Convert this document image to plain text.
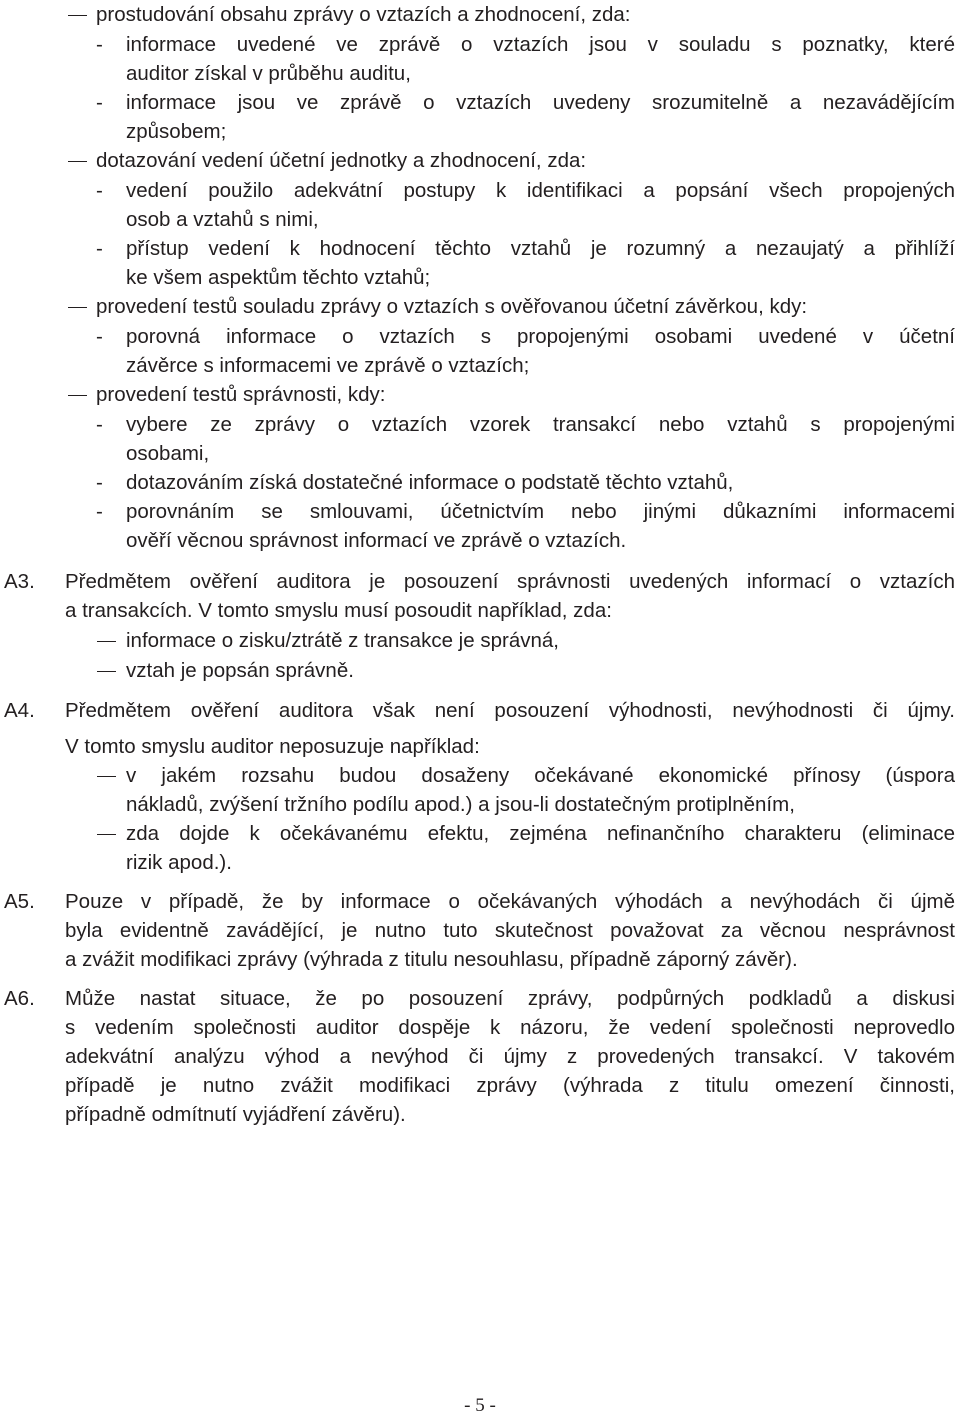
prostudování obsahu zprávy o vztazích a zhodnocení, zda:
- informace uvedené ve zprávě o vztazích jsou v souladu s poznatky, které
auditor získal v průběhu auditu,
- informace jsou ve zprávě o vztazích uvedeny srozumitelně a nezavádějícím
způsobem;
dotazování vedení účetní jednotky a zhodnocení, zda:
- vedení použilo adekvátní postupy k identifikaci a popsání všech propojených
osob a vztahů s nimi,
- přístup vedení k hodnocení těchto vztahů je rozumný a nezaujatý a přihlíží
ke všem aspektům těchto vztahů;
provedení testů souladu zprávy o vztazích s ověřovanou účetní závěrkou, kdy:
- porovná informace o vztazích s propojenými osobami uvedené v účetní
závěrce s informacemi ve zprávě o vztazích;
provedení testů správnosti, kdy:
- vybere ze zprávy o vztazích vzorek transakcí nebo vztahů s propojenými
osobami,
- dotazováním získá dostatečné informace o podstatě těchto vztahů,
- porovnáním se smlouvami, účetnictvím nebo jinými důkazními informacemi
ověří věcnou správnost informací ve zprávě o vztazích.
A3. Předmětem ověření auditora je posouzení správnosti uvedených informací o vztazích
a transakcích. V tomto smyslu musí posoudit například, zda:
informace o zisku/ztrátě z transakce je správná,
vztah je popsán správně.
A4. Předmětem ověření auditora však není posouzení výhodnosti, nevýhodnosti či újmy.
V tomto smyslu auditor neposuzuje například:
v jakém rozsahu budou dosaženy očekávané ekonomické přínosy (úspora
nákladů, zvýšení tržního podílu apod.) a jsou-li dostatečným protiplněním,
zda dojde k očekávanému efektu, zejména nefinančního charakteru (eliminace
rizik apod.).
A5. Pouze v případě, že by informace o očekávaných výhodách a nevýhodách či újmě
byla evidentně zavádějící, je nutno tuto skutečnost považovat za věcnou nesprávnost
a zvážit modifikaci zprávy (výhrada z titulu nesouhlasu, případně záporný závěr).
A6. Může nastat situace, že po posouzení zprávy, podpůrných podkladů a diskusi
s vedením společnosti auditor dospěje k názoru, že vedení společnosti neprovedlo
adekvátní analýzu výhod a nevýhod či újmy z provedených transakcí. V takovém
případě je nutno zvážit modifikaci zprávy (výhrada z titulu omezení činnosti,
případně odmítnutí vyjádření závěru).
- 5 -
